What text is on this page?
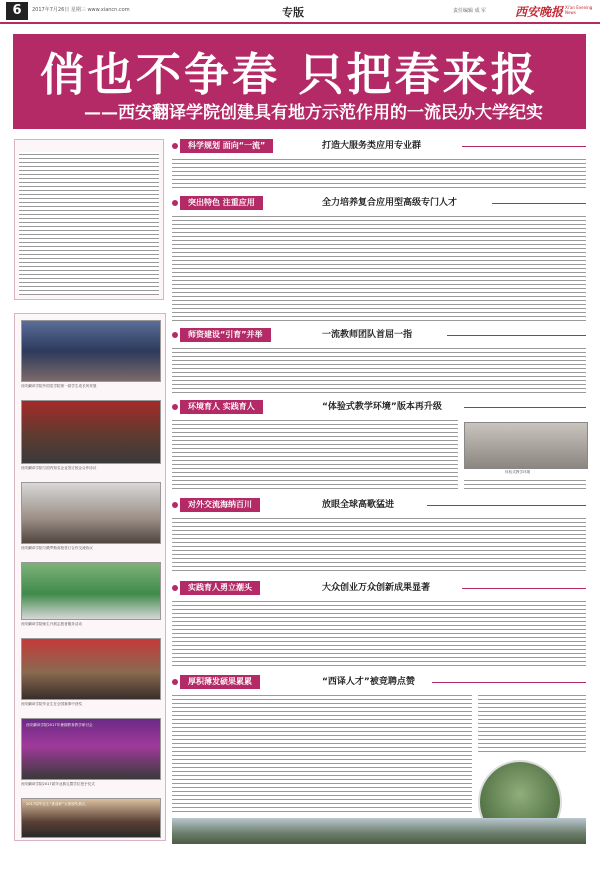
6	2017年7月26日 星期三 www.xiancn.com	专版	责任编辑 成 军 西安晚报 Xi'an Evening News
俏也不争春 只把春来报
——西安翻译学院创建具有地方示范作用的一流民办大学纪实
西安翻译学院外国语学院第一届学生成长风采展
西安翻译学院与国内知名企业签订校企合作协议
西安翻译学院与俄罗斯高校签订合作交流协议
西安翻译学院师生开展志愿者服务活动
西安翻译学院毕业生在全国赛事中获奖
西安翻译学院2017年暑期教育教学研讨会
西安翻译学院2017届毕业典礼暨学位授予仪式
2017届毕业生“挑战杯”大赛颁奖典礼
科学规划 面向“一流”	打造大服务类应用专业群
突出特色 注重应用	全力培养复合应用型高级专门人才
师资建设“引育”并举	一流教师团队首屈一指
环境育人 实践育人	“体验式教学环境”版本再升级
体验式教学环境
对外交流海纳百川	放眼全球高歌猛进
实践育人勇立潮头	大众创业万众创新成果显著
厚积薄发硕果累累	“西译人才”被竞聘点赞
